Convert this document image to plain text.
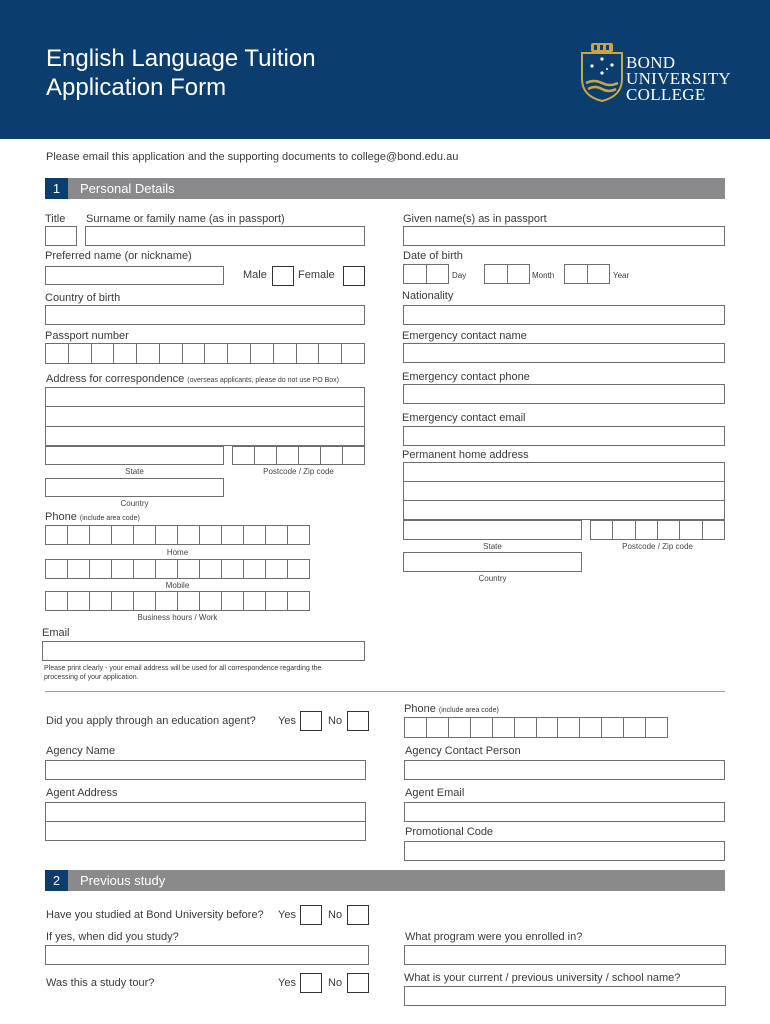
English Language Tuition
Application Form
BOND
UNIVERSITY
COLLEGE
Please email this application and the supporting documents to college@bond.edu.au
1	Personal Details
Title Surname or family name (as in passport)	Given name(s) as in passport
Preferred name (or nickname)	Date of birth
Male	Female	Day	Month	Year
Country of birth	Nationality
Passport number	Emergency contact name
Address for correspondence (overseas applicants, please do not use PO Box)	Emergency contact phone
Emergency contact email
State	Postcode / Zip code
Country
Permanent home address
State	Postcode / Zip code
Country
Phone (include area code)
Home
Mobile
Business hours / Work
Email
Please print clearly - your email address will be used for all correspondence regarding the
processing of your application.
Did you apply through an education agent? Yes	No
Phone (include area code)
Agency Name	Agency Contact Person
Agent Address	Agent Email
Promotional Code
2	Previous study
Have you studied at Bond University before? Yes	No
If yes, when did you study?	What program were you enrolled in?
Was this a study tour?	Yes	No	What is your current / previous university / school name?
